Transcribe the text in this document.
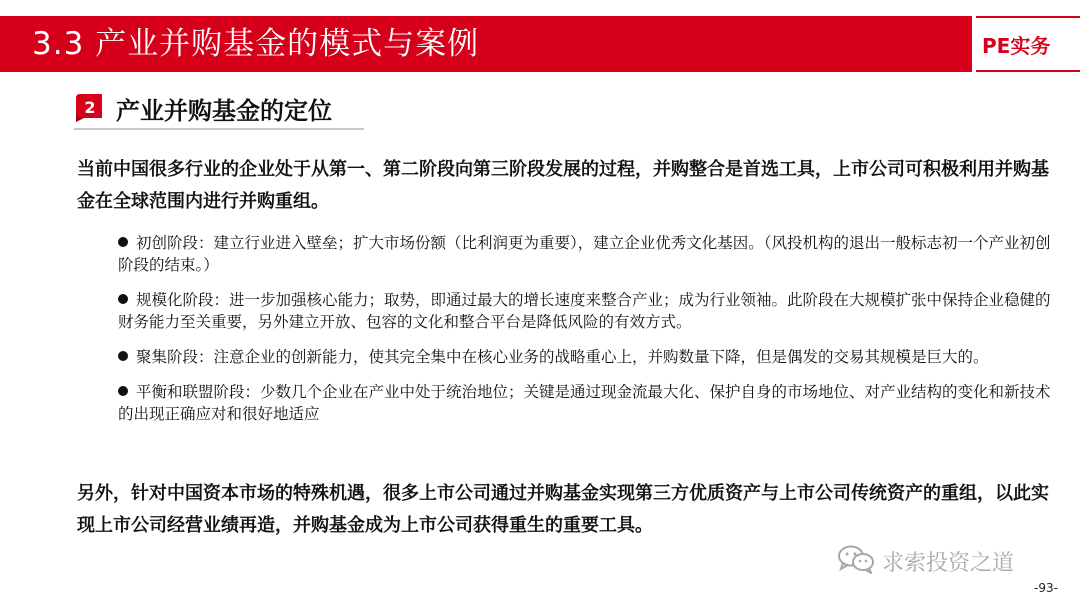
3.3 产业并购基金的模式与案例	PE实务
2 产业并购基金的定位
当前中国很多行业的企业处于从第一、第二阶段向第三阶段发展的过程，并购整合是首选工具，上市公司可积极利用并购基金在全球范围内进行并购重组。
初创阶段：建立行业进入壁垒；扩大市场份额（比利润更为重要），建立企业优秀文化基因。（风投机构的退出一般标志初一个产业初创阶段的结束。）
规模化阶段：进一步加强核心能力；取势，即通过最大的增长速度来整合产业；成为行业领袖。此阶段在大规模扩张中保持企业稳健的财务能力至关重要，另外建立开放、包容的文化和整合平台是降低风险的有效方式。
聚集阶段：注意企业的创新能力，使其完全集中在核心业务的战略重心上，并购数量下降，但是偶发的交易其规模是巨大的。
平衡和联盟阶段：少数几个企业在产业中处于统治地位；关键是通过现金流最大化、保护自身的市场地位、对产业结构的变化和新技术的出现正确应对和很好地适应
另外，针对中国资本市场的特殊机遇，很多上市公司通过并购基金实现第三方优质资产与上市公司传统资产的重组，以此实现上市公司经营业绩再造，并购基金成为上市公司获得重生的重要工具。
求索投资之道
-93-
